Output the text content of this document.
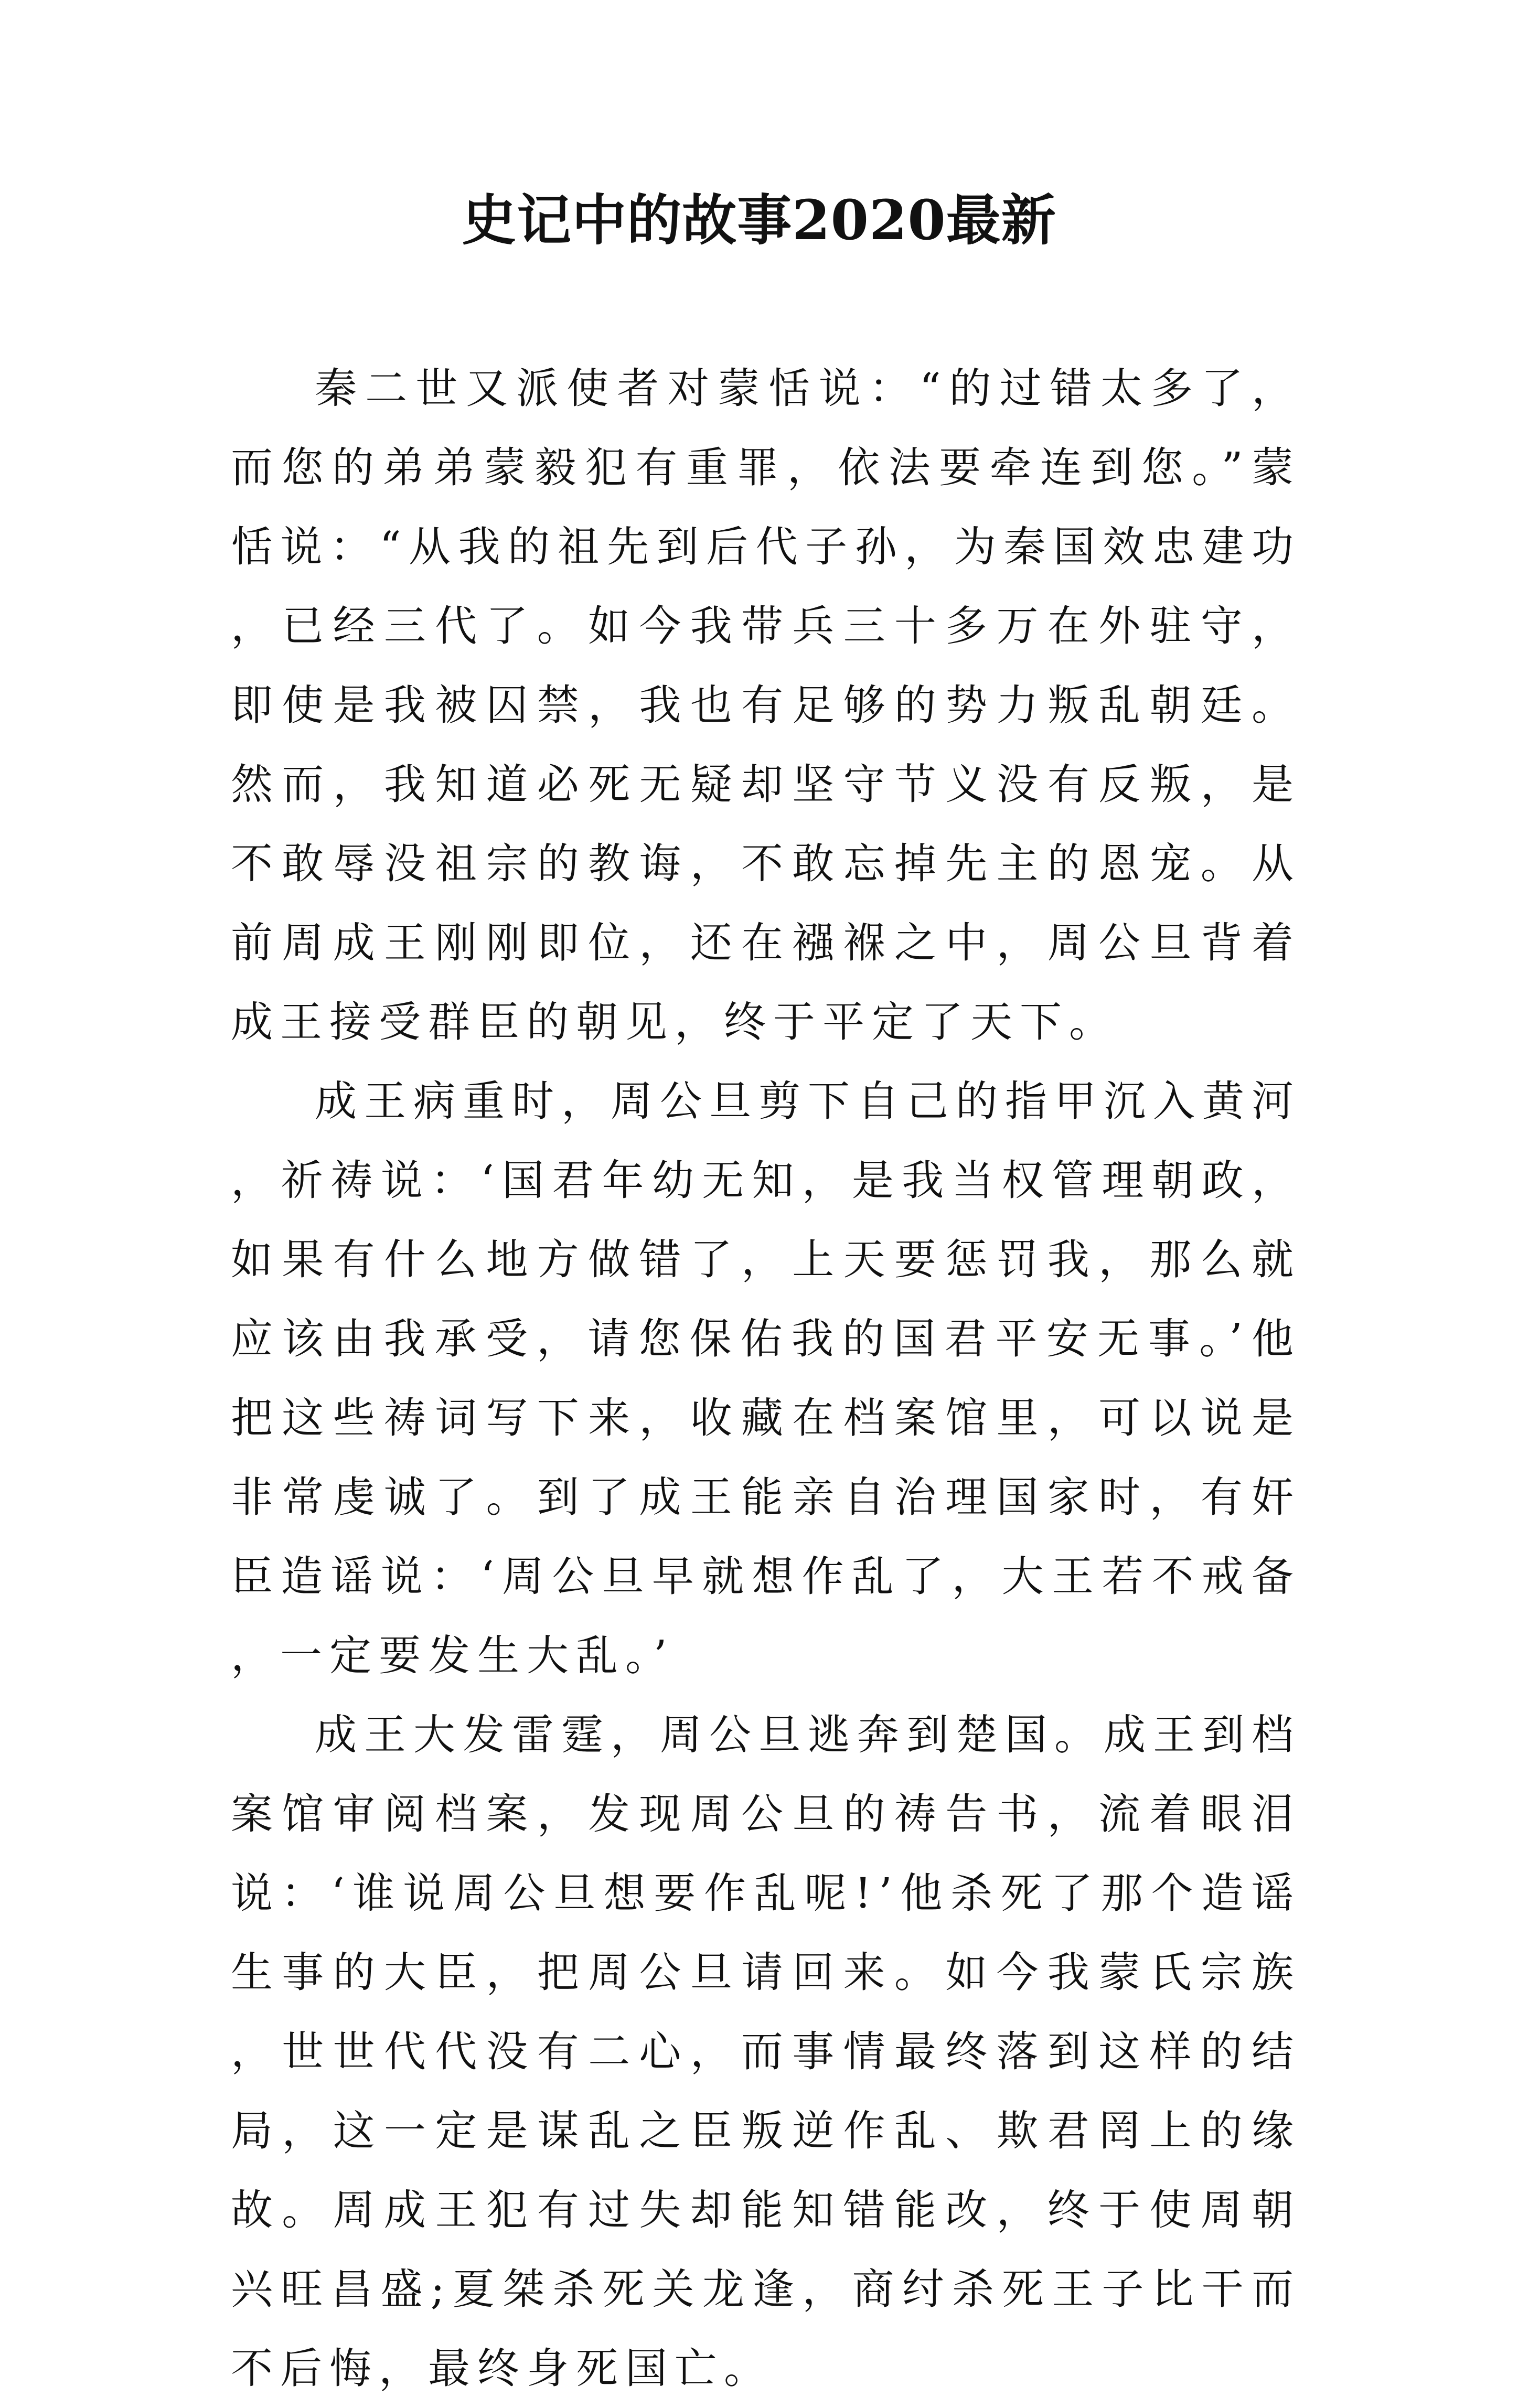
史记中的故事2020最新

秦二世又派使者对蒙恬说：“的过错太多了，而您的弟弟蒙毅犯有重罪，依法要牵连到您。”蒙恬说：“从我的祖先到后代子孙，为秦国效忠建功，已经三代了。如今我带兵三十多万在外驻守，即使是我被囚禁，我也有足够的势力叛乱朝廷。然而，我知道必死无疑却坚守节义没有反叛，是不敢辱没祖宗的教诲，不敢忘掉先主的恩宠。从前周成王刚刚即位，还在襁褓之中，周公旦背着成王接受群臣的朝见，终于平定了天下。

成王病重时，周公旦剪下自己的指甲沉入黄河，祈祷说：‘国君年幼无知，是我当权管理朝政，如果有什么地方做错了，上天要惩罚我，那么就应该由我承受，请您保佑我的国君平安无事。’他把这些祷词写下来，收藏在档案馆里，可以说是非常虔诚了。到了成王能亲自治理国家时，有奸臣造谣说：‘周公旦早就想作乱了，大王若不戒备，一定要发生大乱。’

成王大发雷霆，周公旦逃奔到楚国。成王到档案馆审阅档案，发现周公旦的祷告书，流着眼泪说：‘谁说周公旦想要作乱呢!’他杀死了那个造谣生事的大臣，把周公旦请回来。如今我蒙氏宗族，世世代代没有二心，而事情最终落到这样的结局，这一定是谋乱之臣叛逆作乱、欺君罔上的缘故。周成王犯有过失却能知错能改，终于使周朝兴旺昌盛;夏桀杀死关龙逢，商纣杀死王子比干而不后悔，最终身死国亡。
